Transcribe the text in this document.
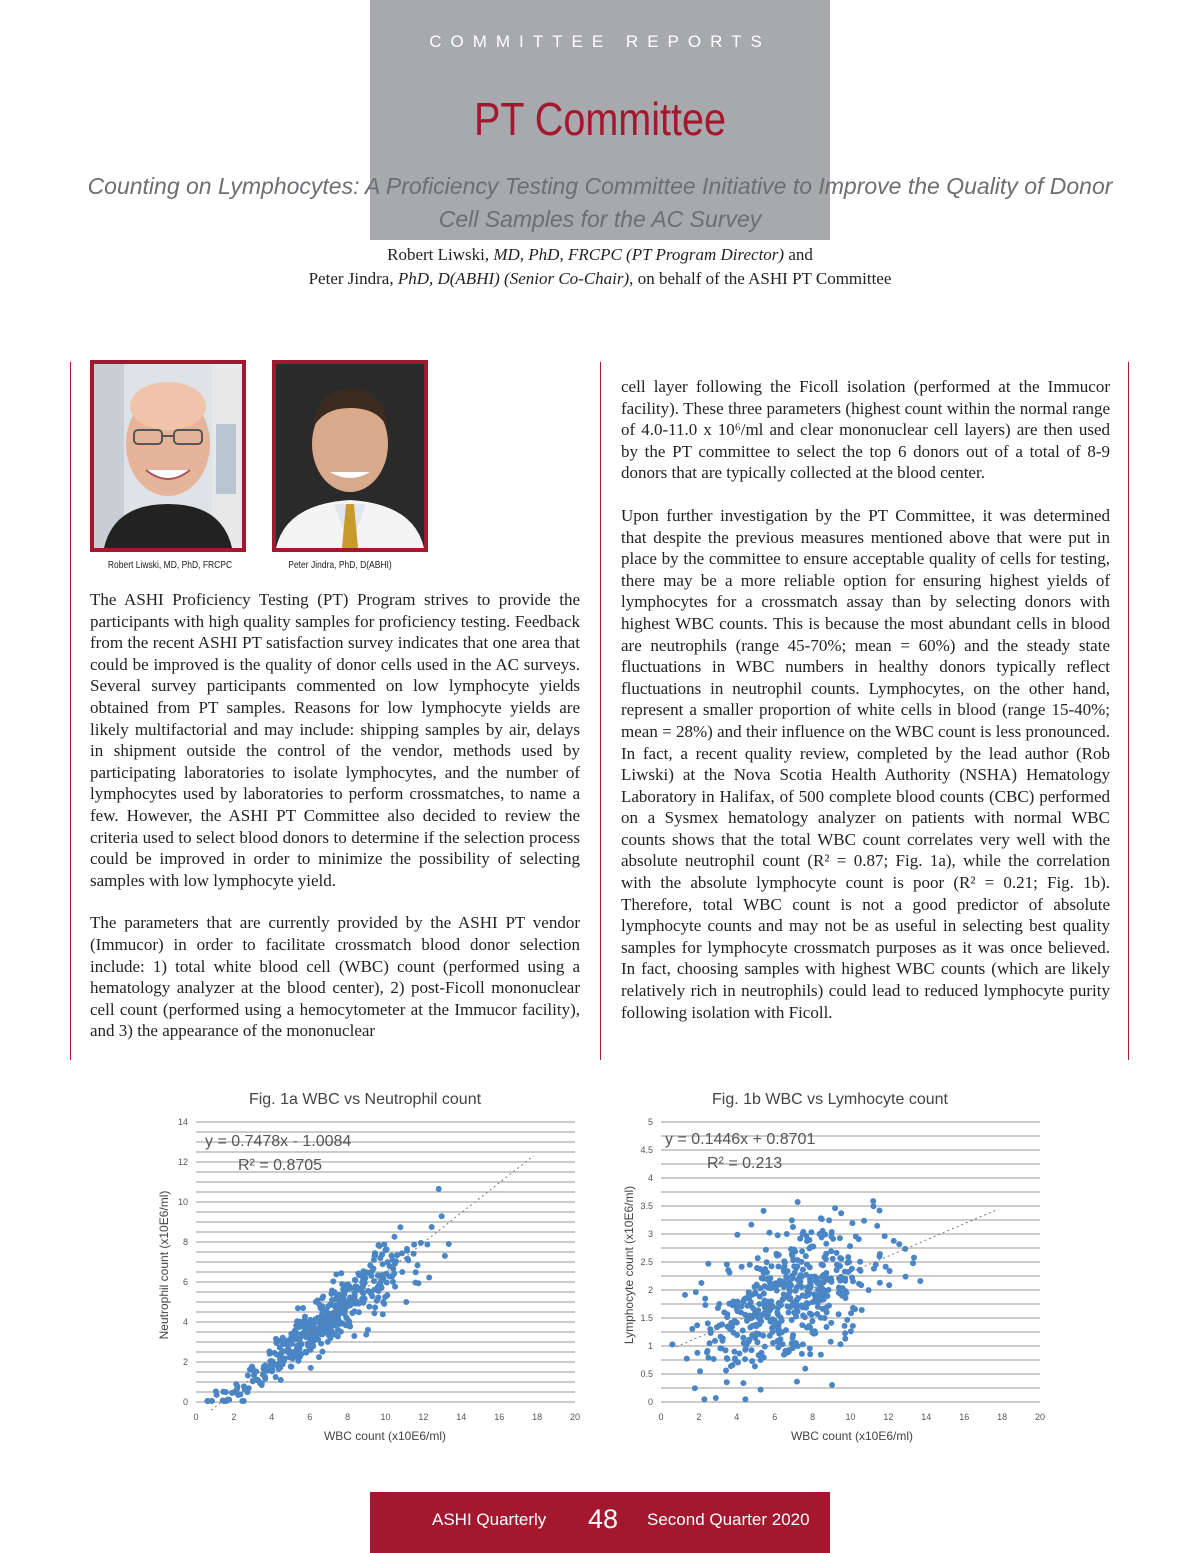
COMMITTEE REPORTS
PT Committee
Counting on Lymphocytes: A Proficiency Testing Committee Initiative to Improve the Quality of Donor
Cell Samples for the AC Survey
Robert Liwski, MD, PhD, FRCPC (PT Program Director) and
Peter Jindra, PhD, D(ABHI) (Senior Co-Chair), on behalf of the ASHI PT Committee
Robert Liwski, MD, PhD, FRCPC	Peter Jindra, PhD, D(ABHI)

The ASHI Proficiency Testing (PT) Program strives to provide the participants with high quality samples for proficiency testing. Feedback from the recent ASHI PT satisfaction survey indicates that one area that could be improved is the quality of donor cells used in the AC surveys. Several survey participants commented on low lymphocyte yields obtained from PT samples. Reasons for low lymphocyte yields are likely multifactorial and may include: shipping samples by air, delays in shipment outside the control of the vendor, methods used by participating laboratories to isolate lymphocytes, and the number of lymphocytes used by laboratories to perform crossmatches, to name a few. However, the ASHI PT Committee also decided to review the criteria used to select blood donors to determine if the selection process could be improved in order to minimize the possibility of selecting samples with low lymphocyte yield.

The parameters that are currently provided by the ASHI PT vendor (Immucor) in order to facilitate crossmatch blood donor selection include: 1) total white blood cell (WBC) count (performed using a hematology analyzer at the blood center), 2) post-Ficoll mononuclear cell count (performed using a hemocytometer at the Immucor facility), and 3) the appearance of the mononuclear

cell layer following the Ficoll isolation (performed at the Immucor facility). These three parameters (highest count within the normal range of 4.0-11.0 x 10⁶/ml and clear mononuclear cell layers) are then used by the PT committee to select the top 6 donors out of a total of 8-9 donors that are typically collected at the blood center.

Upon further investigation by the PT Committee, it was determined that despite the previous measures mentioned above that were put in place by the committee to ensure acceptable quality of cells for testing, there may be a more reliable option for ensuring highest yields of lymphocytes for a crossmatch assay than by selecting donors with highest WBC counts. This is because the most abundant cells in blood are neutrophils (range 45-70%; mean = 60%) and the steady state fluctuations in WBC numbers in healthy donors typically reflect fluctuations in neutrophil counts. Lymphocytes, on the other hand, represent a smaller proportion of white cells in blood (range 15-40%; mean = 28%) and their influence on the WBC count is less pronounced. In fact, a recent quality review, completed by the lead author (Rob Liwski) at the Nova Scotia Health Authority (NSHA) Hematology Laboratory in Halifax, of 500 complete blood counts (CBC) performed on a Sysmex hematology analyzer on patients with normal WBC counts shows that the total WBC count correlates very well with the absolute neutrophil count (R² = 0.87; Fig. 1a), while the correlation with the absolute lymphocyte count is poor (R² = 0.21; Fig. 1b). Therefore, total WBC count is not a good predictor of absolute lymphocyte counts and may not be as useful in selecting best quality samples for lymphocyte crossmatch purposes as it was once believed. In fact, choosing samples with highest WBC counts (which are likely relatively rich in neutrophils) could lead to reduced lymphocyte purity following isolation with Ficoll.

Fig. 1a WBC vs Neutrophil count
0
2
4
6
8
10
12
14
0	2	4	6	8	10	12	14	16	18	20
y = 0.7478x - 1.0084
R² = 0.8705
WBC count (x10E6/ml)
Neutrophil count (x10E6/ml)
Fig. 1b WBC vs Lymhocyte count
0
0.5
1
1.5
2
2.5
3
3.5
4
4.5
5
0	2	4	6	8	10	12	14	16	18	20
y = 0.1446x + 0.8701
R² = 0.213
WBC count (x10E6/ml)
Lymphocyte count (x10E6/ml)
ASHI Quarterly 48 Second Quarter 2020
